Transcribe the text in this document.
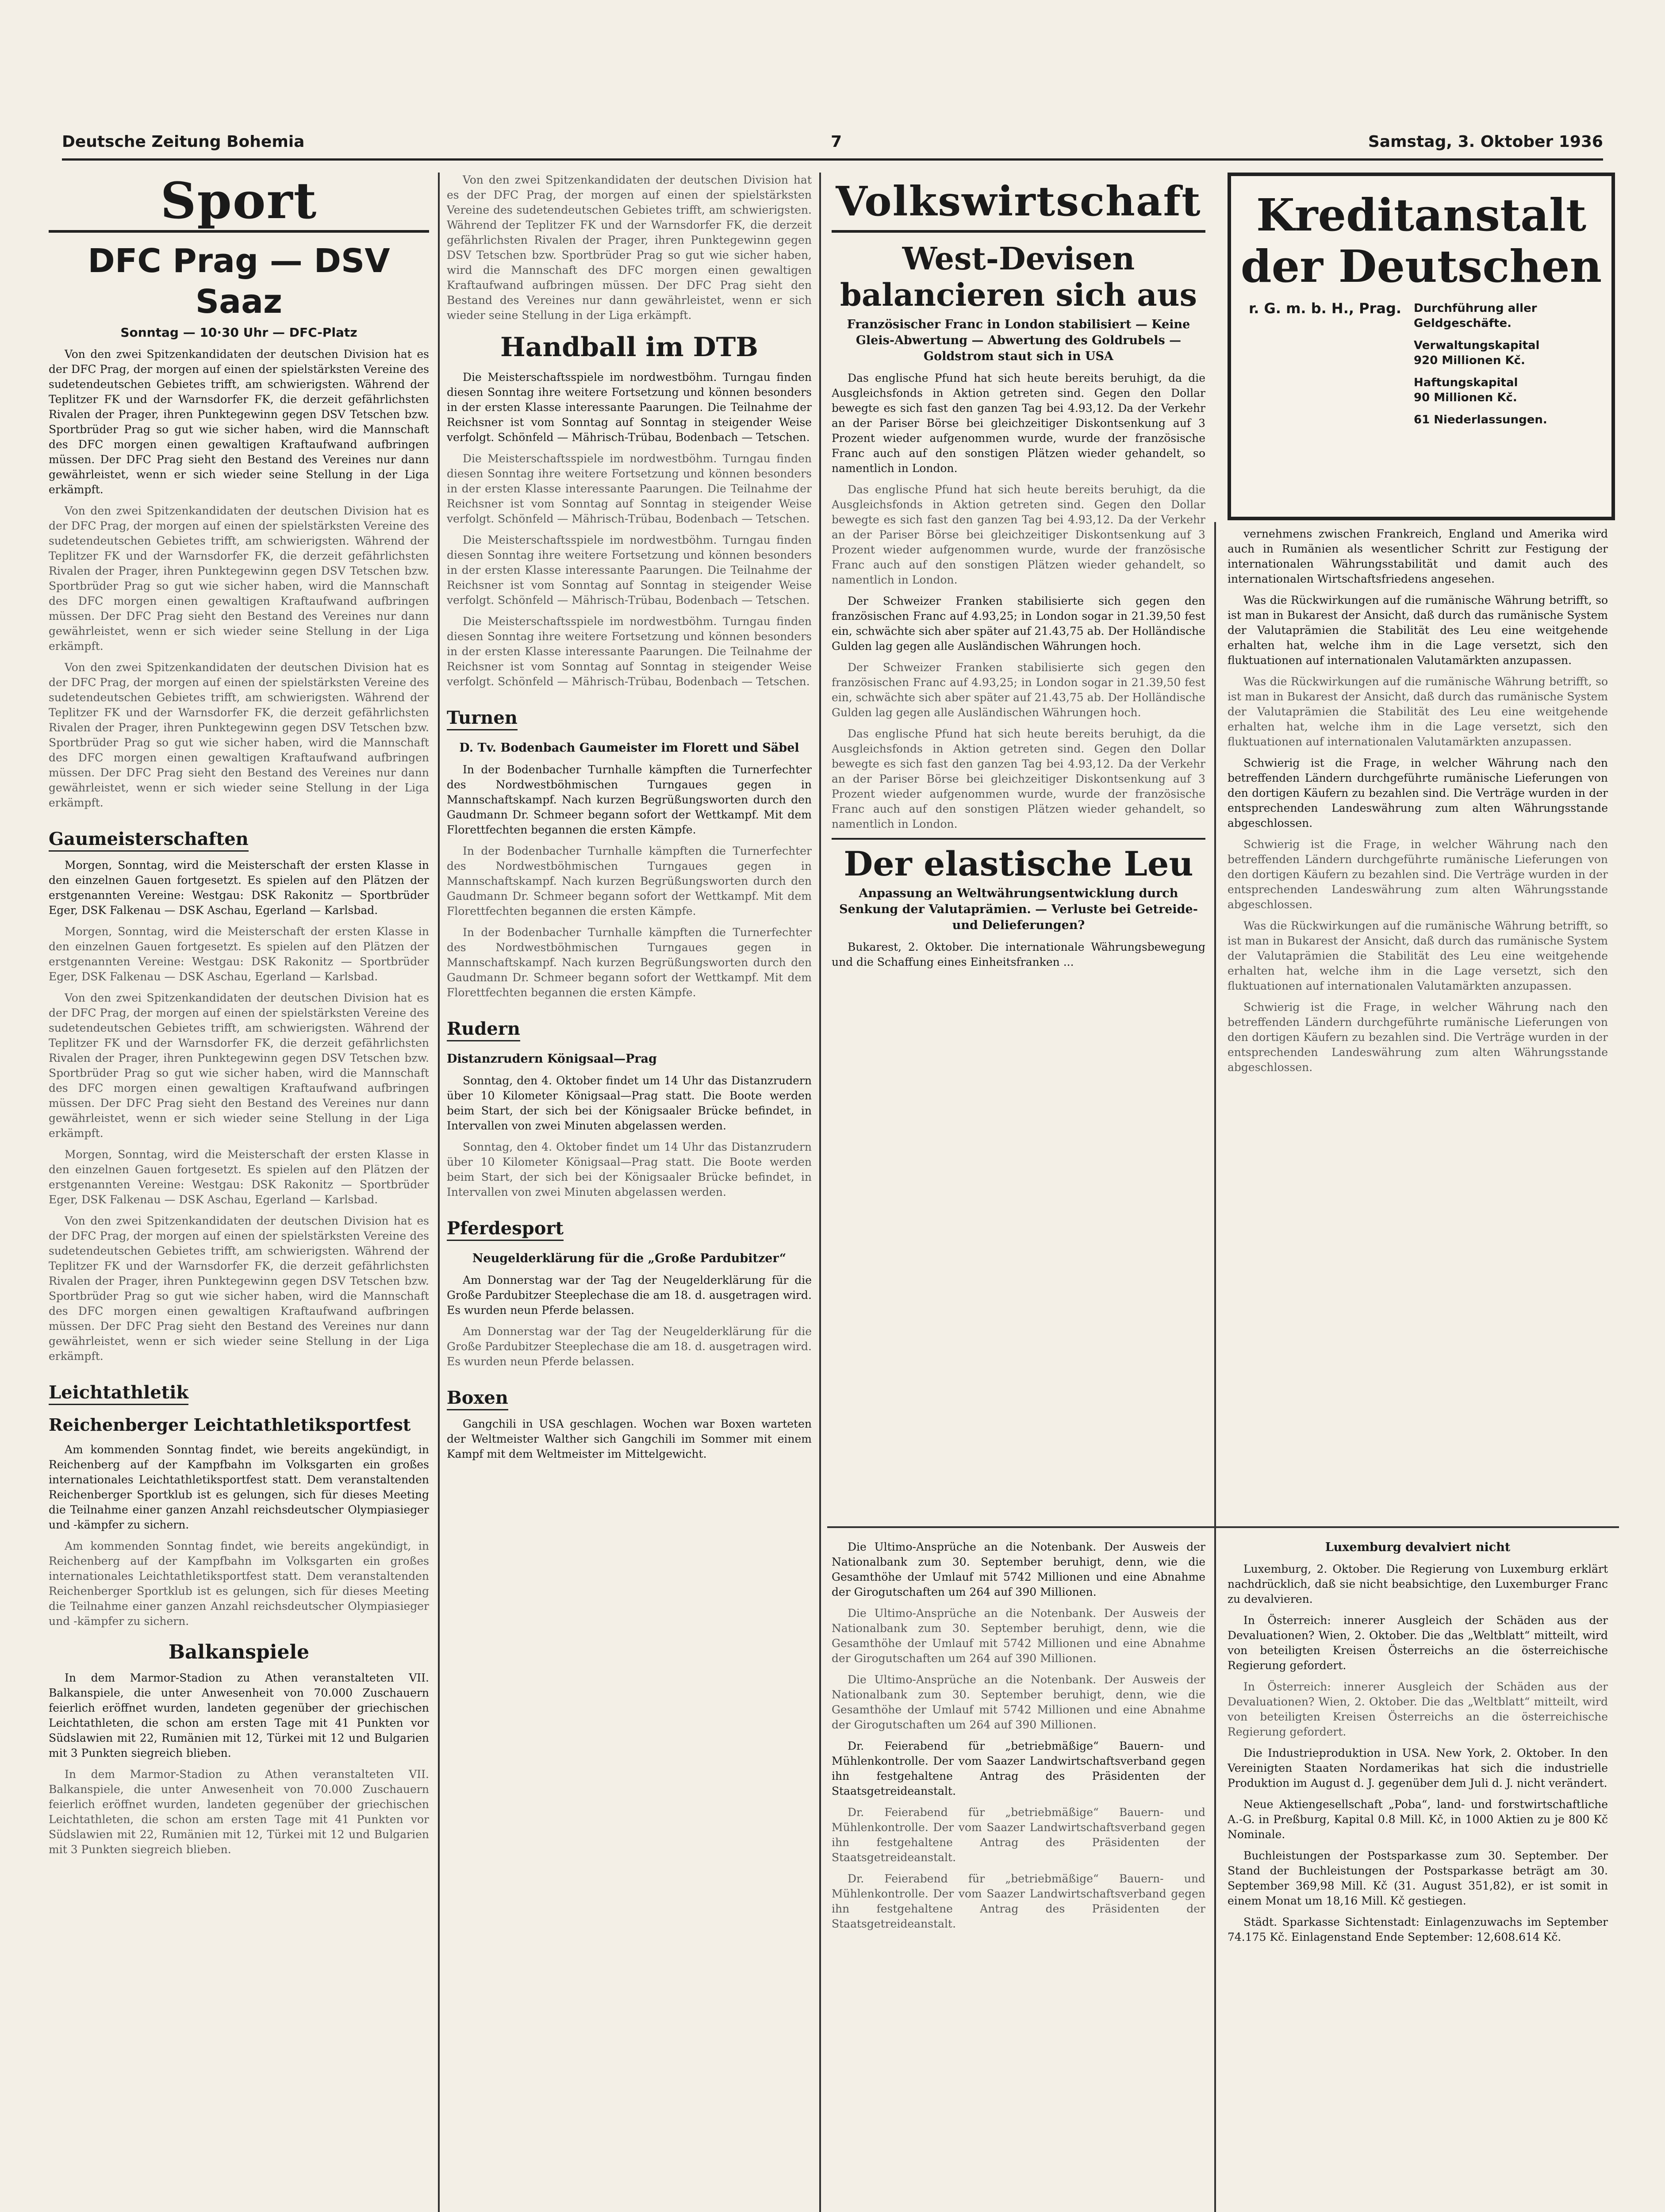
Deutsche Zeitung Bohemia	7	Samstag, 3. Oktober 1936
Sport
DFC Prag — DSV Saaz
Sonntag — 10·30 Uhr — DFC-Platz

Von den zwei Spitzenkandidaten der deutschen Division hat es der DFC Prag, der morgen auf einen der spielstärksten Vereine des sudetendeutschen Gebietes trifft, am schwierigsten. Während der Teplitzer FK und der Warnsdorfer FK, die derzeit gefährlichsten Rivalen der Prager, ihren Punktegewinn gegen DSV Tetschen bzw. Sportbrüder Prag so gut wie sicher haben, wird die Mannschaft des DFC morgen einen gewaltigen Kraftaufwand aufbringen müssen. Der DFC Prag sieht den Bestand des Vereines nur dann gewährleistet, wenn er sich wieder seine Stellung in der Liga erkämpft.

Von den zwei Spitzenkandidaten der deutschen Division hat es der DFC Prag, der morgen auf einen der spielstärksten Vereine des sudetendeutschen Gebietes trifft, am schwierigsten. Während der Teplitzer FK und der Warnsdorfer FK, die derzeit gefährlichsten Rivalen der Prager, ihren Punktegewinn gegen DSV Tetschen bzw. Sportbrüder Prag so gut wie sicher haben, wird die Mannschaft des DFC morgen einen gewaltigen Kraftaufwand aufbringen müssen. Der DFC Prag sieht den Bestand des Vereines nur dann gewährleistet, wenn er sich wieder seine Stellung in der Liga erkämpft.

Von den zwei Spitzenkandidaten der deutschen Division hat es der DFC Prag, der morgen auf einen der spielstärksten Vereine des sudetendeutschen Gebietes trifft, am schwierigsten. Während der Teplitzer FK und der Warnsdorfer FK, die derzeit gefährlichsten Rivalen der Prager, ihren Punktegewinn gegen DSV Tetschen bzw. Sportbrüder Prag so gut wie sicher haben, wird die Mannschaft des DFC morgen einen gewaltigen Kraftaufwand aufbringen müssen. Der DFC Prag sieht den Bestand des Vereines nur dann gewährleistet, wenn er sich wieder seine Stellung in der Liga erkämpft.

Gaumeisterschaften

Morgen, Sonntag, wird die Meisterschaft der ersten Klasse in den einzelnen Gauen fortgesetzt. Es spielen auf den Plätzen der erstgenannten Vereine: Westgau: DSK Rakonitz — Sportbrüder Eger, DSK Falkenau — DSK Aschau, Egerland — Karlsbad.

Morgen, Sonntag, wird die Meisterschaft der ersten Klasse in den einzelnen Gauen fortgesetzt. Es spielen auf den Plätzen der erstgenannten Vereine: Westgau: DSK Rakonitz — Sportbrüder Eger, DSK Falkenau — DSK Aschau, Egerland — Karlsbad.

Von den zwei Spitzenkandidaten der deutschen Division hat es der DFC Prag, der morgen auf einen der spielstärksten Vereine des sudetendeutschen Gebietes trifft, am schwierigsten. Während der Teplitzer FK und der Warnsdorfer FK, die derzeit gefährlichsten Rivalen der Prager, ihren Punktegewinn gegen DSV Tetschen bzw. Sportbrüder Prag so gut wie sicher haben, wird die Mannschaft des DFC morgen einen gewaltigen Kraftaufwand aufbringen müssen. Der DFC Prag sieht den Bestand des Vereines nur dann gewährleistet, wenn er sich wieder seine Stellung in der Liga erkämpft.

Morgen, Sonntag, wird die Meisterschaft der ersten Klasse in den einzelnen Gauen fortgesetzt. Es spielen auf den Plätzen der erstgenannten Vereine: Westgau: DSK Rakonitz — Sportbrüder Eger, DSK Falkenau — DSK Aschau, Egerland — Karlsbad.

Von den zwei Spitzenkandidaten der deutschen Division hat es der DFC Prag, der morgen auf einen der spielstärksten Vereine des sudetendeutschen Gebietes trifft, am schwierigsten. Während der Teplitzer FK und der Warnsdorfer FK, die derzeit gefährlichsten Rivalen der Prager, ihren Punktegewinn gegen DSV Tetschen bzw. Sportbrüder Prag so gut wie sicher haben, wird die Mannschaft des DFC morgen einen gewaltigen Kraftaufwand aufbringen müssen. Der DFC Prag sieht den Bestand des Vereines nur dann gewährleistet, wenn er sich wieder seine Stellung in der Liga erkämpft.

Leichtathletik Reichenberger Leichtathletiksportfest

Am kommenden Sonntag findet, wie bereits angekündigt, in Reichenberg auf der Kampfbahn im Volksgarten ein großes internationales Leichtathletiksportfest statt. Dem veranstaltenden Reichenberger Sportklub ist es gelungen, sich für dieses Meeting die Teilnahme einer ganzen Anzahl reichsdeutscher Olympiasieger und -kämpfer zu sichern.

Am kommenden Sonntag findet, wie bereits angekündigt, in Reichenberg auf der Kampfbahn im Volksgarten ein großes internationales Leichtathletiksportfest statt. Dem veranstaltenden Reichenberger Sportklub ist es gelungen, sich für dieses Meeting die Teilnahme einer ganzen Anzahl reichsdeutscher Olympiasieger und -kämpfer zu sichern.

Balkanspiele

In dem Marmor-Stadion zu Athen veranstalteten VII. Balkanspiele, die unter Anwesenheit von 70.000 Zuschauern feierlich eröffnet wurden, landeten gegenüber der griechischen Leichtathleten, die schon am ersten Tage mit 41 Punkten vor Südslawien mit 22, Rumänien mit 12, Türkei mit 12 und Bulgarien mit 3 Punkten siegreich blieben.

In dem Marmor-Stadion zu Athen veranstalteten VII. Balkanspiele, die unter Anwesenheit von 70.000 Zuschauern feierlich eröffnet wurden, landeten gegenüber der griechischen Leichtathleten, die schon am ersten Tage mit 41 Punkten vor Südslawien mit 22, Rumänien mit 12, Türkei mit 12 und Bulgarien mit 3 Punkten siegreich blieben.

Von den zwei Spitzenkandidaten der deutschen Division hat es der DFC Prag, der morgen auf einen der spielstärksten Vereine des sudetendeutschen Gebietes trifft, am schwierigsten. Während der Teplitzer FK und der Warnsdorfer FK, die derzeit gefährlichsten Rivalen der Prager, ihren Punktegewinn gegen DSV Tetschen bzw. Sportbrüder Prag so gut wie sicher haben, wird die Mannschaft des DFC morgen einen gewaltigen Kraftaufwand aufbringen müssen. Der DFC Prag sieht den Bestand des Vereines nur dann gewährleistet, wenn er sich wieder seine Stellung in der Liga erkämpft.

Handball im DTB

Die Meisterschaftsspiele im nordwestböhm. Turngau finden diesen Sonntag ihre weitere Fortsetzung und können besonders in der ersten Klasse interessante Paarungen. Die Teilnahme der Reichsner ist vom Sonntag auf Sonntag in steigender Weise verfolgt. Schönfeld — Mährisch-Trübau, Bodenbach — Tetschen.

Die Meisterschaftsspiele im nordwestböhm. Turngau finden diesen Sonntag ihre weitere Fortsetzung und können besonders in der ersten Klasse interessante Paarungen. Die Teilnahme der Reichsner ist vom Sonntag auf Sonntag in steigender Weise verfolgt. Schönfeld — Mährisch-Trübau, Bodenbach — Tetschen.

Die Meisterschaftsspiele im nordwestböhm. Turngau finden diesen Sonntag ihre weitere Fortsetzung und können besonders in der ersten Klasse interessante Paarungen. Die Teilnahme der Reichsner ist vom Sonntag auf Sonntag in steigender Weise verfolgt. Schönfeld — Mährisch-Trübau, Bodenbach — Tetschen.

Die Meisterschaftsspiele im nordwestböhm. Turngau finden diesen Sonntag ihre weitere Fortsetzung und können besonders in der ersten Klasse interessante Paarungen. Die Teilnahme der Reichsner ist vom Sonntag auf Sonntag in steigender Weise verfolgt. Schönfeld — Mährisch-Trübau, Bodenbach — Tetschen.

Turnen
D. Tv. Bodenbach Gaumeister im Florett und Säbel

In der Bodenbacher Turnhalle kämpften die Turnerfechter des Nordwestböhmischen Turngaues gegen in Mannschaftskampf. Nach kurzen Begrüßungsworten durch den Gaudmann Dr. Schmeer begann sofort der Wettkampf. Mit dem Florettfechten begannen die ersten Kämpfe.

In der Bodenbacher Turnhalle kämpften die Turnerfechter des Nordwestböhmischen Turngaues gegen in Mannschaftskampf. Nach kurzen Begrüßungsworten durch den Gaudmann Dr. Schmeer begann sofort der Wettkampf. Mit dem Florettfechten begannen die ersten Kämpfe.

In der Bodenbacher Turnhalle kämpften die Turnerfechter des Nordwestböhmischen Turngaues gegen in Mannschaftskampf. Nach kurzen Begrüßungsworten durch den Gaudmann Dr. Schmeer begann sofort der Wettkampf. Mit dem Florettfechten begannen die ersten Kämpfe.

Rudern
Distanzrudern Königsaal—Prag

Sonntag, den 4. Oktober findet um 14 Uhr das Distanzrudern über 10 Kilometer Königsaal—Prag statt. Die Boote werden beim Start, der sich bei der Königsaaler Brücke befindet, in Intervallen von zwei Minuten abgelassen werden.

Sonntag, den 4. Oktober findet um 14 Uhr das Distanzrudern über 10 Kilometer Königsaal—Prag statt. Die Boote werden beim Start, der sich bei der Königsaaler Brücke befindet, in Intervallen von zwei Minuten abgelassen werden.

Pferdesport
Neugelderklärung für die „Große Pardubitzer“

Am Donnerstag war der Tag der Neugelderklärung für die Große Pardubitzer Steeplechase die am 18. d. ausgetragen wird. Es wurden neun Pferde belassen.

Am Donnerstag war der Tag der Neugelderklärung für die Große Pardubitzer Steeplechase die am 18. d. ausgetragen wird. Es wurden neun Pferde belassen.

Boxen

Gangchili in USA geschlagen. Wochen war Boxen warteten der Weltmeister Walther sich Gangchili im Sommer mit einem Kampf mit dem Weltmeister im Mittelgewicht.

Volkswirtschaft
West-Devisen balancieren sich aus
Französischer Franc in London stabilisiert — Keine Gleis-Abwertung — Abwertung des Goldrubels — Goldstrom staut sich in USA

Das englische Pfund hat sich heute bereits beruhigt, da die Ausgleichsfonds in Aktion getreten sind. Gegen den Dollar bewegte es sich fast den ganzen Tag bei 4.93,12. Da der Verkehr an der Pariser Börse bei gleichzeitiger Diskontsenkung auf 3 Prozent wieder aufgenommen wurde, wurde der französische Franc auch auf den sonstigen Plätzen wieder gehandelt, so namentlich in London.

Das englische Pfund hat sich heute bereits beruhigt, da die Ausgleichsfonds in Aktion getreten sind. Gegen den Dollar bewegte es sich fast den ganzen Tag bei 4.93,12. Da der Verkehr an der Pariser Börse bei gleichzeitiger Diskontsenkung auf 3 Prozent wieder aufgenommen wurde, wurde der französische Franc auch auf den sonstigen Plätzen wieder gehandelt, so namentlich in London.

Der Schweizer Franken stabilisierte sich gegen den französischen Franc auf 4.93,25; in London sogar in 21.39,50 fest ein, schwächte sich aber später auf 21.43,75 ab. Der Holländische Gulden lag gegen alle Ausländischen Währungen hoch.

Der Schweizer Franken stabilisierte sich gegen den französischen Franc auf 4.93,25; in London sogar in 21.39,50 fest ein, schwächte sich aber später auf 21.43,75 ab. Der Holländische Gulden lag gegen alle Ausländischen Währungen hoch.

Das englische Pfund hat sich heute bereits beruhigt, da die Ausgleichsfonds in Aktion getreten sind. Gegen den Dollar bewegte es sich fast den ganzen Tag bei 4.93,12. Da der Verkehr an der Pariser Börse bei gleichzeitiger Diskontsenkung auf 3 Prozent wieder aufgenommen wurde, wurde der französische Franc auch auf den sonstigen Plätzen wieder gehandelt, so namentlich in London.

Der elastische Leu
Anpassung an Weltwährungsentwicklung durch Senkung der Valutaprämien. — Verluste bei Getreide- und Delieferungen?

Bukarest, 2. Oktober. Die internationale Währungsbewegung und die Schaffung eines Einheitsfranken ...

Die Ultimo-Ansprüche an die Notenbank. Der Ausweis der Nationalbank zum 30. September beruhigt, denn, wie die Gesamthöhe der Umlauf mit 5742 Millionen und eine Abnahme der Girogutschaften um 264 auf 390 Millionen.

Die Ultimo-Ansprüche an die Notenbank. Der Ausweis der Nationalbank zum 30. September beruhigt, denn, wie die Gesamthöhe der Umlauf mit 5742 Millionen und eine Abnahme der Girogutschaften um 264 auf 390 Millionen.

Die Ultimo-Ansprüche an die Notenbank. Der Ausweis der Nationalbank zum 30. September beruhigt, denn, wie die Gesamthöhe der Umlauf mit 5742 Millionen und eine Abnahme der Girogutschaften um 264 auf 390 Millionen.

Dr. Feierabend für „betriebmäßige“ Bauern- und Mühlenkontrolle. Der vom Saazer Landwirtschaftsverband gegen ihn festgehaltene Antrag des Präsidenten der Staatsgetreideanstalt.

Dr. Feierabend für „betriebmäßige“ Bauern- und Mühlenkontrolle. Der vom Saazer Landwirtschaftsverband gegen ihn festgehaltene Antrag des Präsidenten der Staatsgetreideanstalt.

Dr. Feierabend für „betriebmäßige“ Bauern- und Mühlenkontrolle. Der vom Saazer Landwirtschaftsverband gegen ihn festgehaltene Antrag des Präsidenten der Staatsgetreideanstalt.

Kreditanstalt
der Deutschen
r. G. m. b. H., Prag. Durchführung aller Geldgeschäfte.
Verwaltungskapital
920 Millionen Kč.
Haftungskapital
90 Millionen Kč.
61 Niederlassungen.

vernehmens zwischen Frankreich, England und Amerika wird auch in Rumänien als wesentlicher Schritt zur Festigung der internationalen Währungsstabilität und damit auch des internationalen Wirtschaftsfriedens angesehen.

Was die Rückwirkungen auf die rumänische Währung betrifft, so ist man in Bukarest der Ansicht, daß durch das rumänische System der Valutaprämien die Stabilität des Leu eine weitgehende erhalten hat, welche ihm in die Lage versetzt, sich den fluktuationen auf internationalen Valutamärkten anzupassen.

Was die Rückwirkungen auf die rumänische Währung betrifft, so ist man in Bukarest der Ansicht, daß durch das rumänische System der Valutaprämien die Stabilität des Leu eine weitgehende erhalten hat, welche ihm in die Lage versetzt, sich den fluktuationen auf internationalen Valutamärkten anzupassen.

Schwierig ist die Frage, in welcher Währung nach den betreffenden Ländern durchgeführte rumänische Lieferungen von den dortigen Käufern zu bezahlen sind. Die Verträge wurden in der entsprechenden Landeswährung zum alten Währungsstande abgeschlossen.

Schwierig ist die Frage, in welcher Währung nach den betreffenden Ländern durchgeführte rumänische Lieferungen von den dortigen Käufern zu bezahlen sind. Die Verträge wurden in der entsprechenden Landeswährung zum alten Währungsstande abgeschlossen.

Was die Rückwirkungen auf die rumänische Währung betrifft, so ist man in Bukarest der Ansicht, daß durch das rumänische System der Valutaprämien die Stabilität des Leu eine weitgehende erhalten hat, welche ihm in die Lage versetzt, sich den fluktuationen auf internationalen Valutamärkten anzupassen.

Schwierig ist die Frage, in welcher Währung nach den betreffenden Ländern durchgeführte rumänische Lieferungen von den dortigen Käufern zu bezahlen sind. Die Verträge wurden in der entsprechenden Landeswährung zum alten Währungsstande abgeschlossen.

Luxemburg devalviert nicht

Luxemburg, 2. Oktober. Die Regierung von Luxemburg erklärt nachdrücklich, daß sie nicht beabsichtige, den Luxemburger Franc zu devalvieren.

In Österreich: innerer Ausgleich der Schäden aus der Devaluationen? Wien, 2. Oktober. Die das „Weltblatt“ mitteilt, wird von beteiligten Kreisen Österreichs an die österreichische Regierung gefordert.

In Österreich: innerer Ausgleich der Schäden aus der Devaluationen? Wien, 2. Oktober. Die das „Weltblatt“ mitteilt, wird von beteiligten Kreisen Österreichs an die österreichische Regierung gefordert.

Die Industrieproduktion in USA. New York, 2. Oktober. In den Vereinigten Staaten Nordamerikas hat sich die industrielle Produktion im August d. J. gegenüber dem Juli d. J. nicht verändert.

Neue Aktiengesellschaft „Poba“, land- und forstwirtschaftliche A.-G. in Preßburg, Kapital 0.8 Mill. Kč, in 1000 Aktien zu je 800 Kč Nominale.

Buchleistungen der Postsparkasse zum 30. September. Der Stand der Buchleistungen der Postsparkasse beträgt am 30. September 369,98 Mill. Kč (31. August 351,82), er ist somit in einem Monat um 18,16 Mill. Kč gestiegen.

Städt. Sparkasse Sichtenstadt: Einlagenzuwachs im September 74.175 Kč. Einlagenstand Ende September: 12,608.614 Kč.
